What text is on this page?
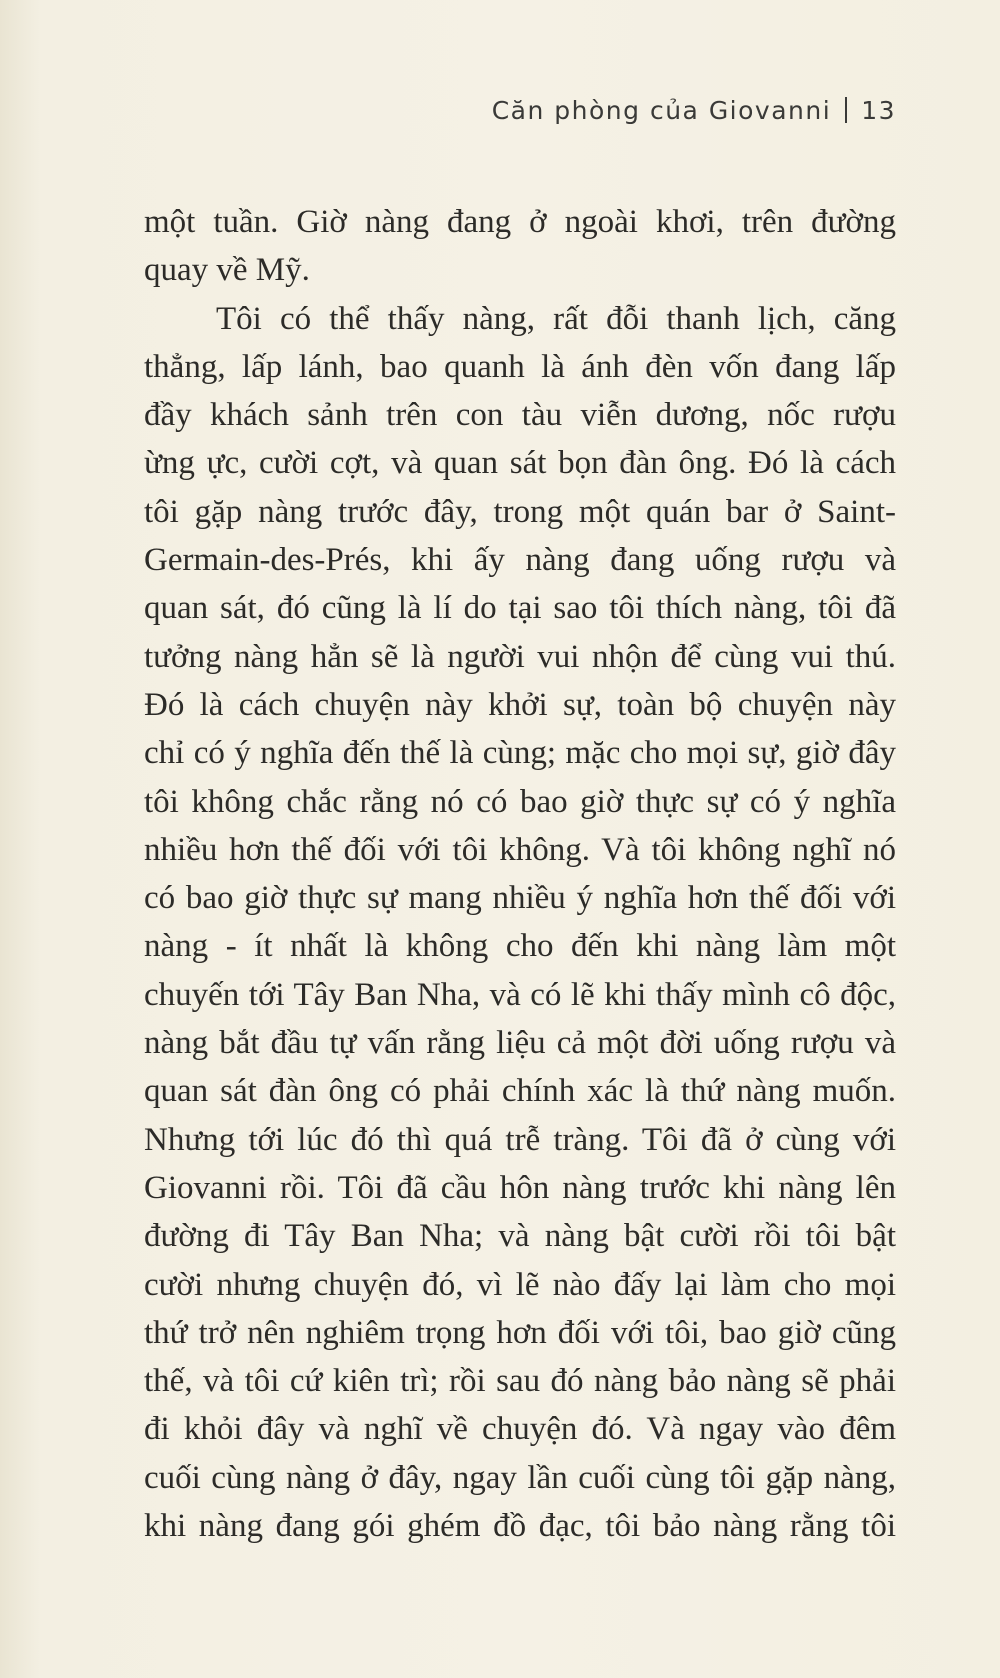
Căn phòng của Giovanni 13
một tuần. Giờ nàng đang ở ngoài khơi, trên đường
quay về Mỹ.
Tôi có thể thấy nàng, rất đỗi thanh lịch, căng
thẳng, lấp lánh, bao quanh là ánh đèn vốn đang lấp
đầy khách sảnh trên con tàu viễn dương, nốc rượu
ừng ực, cười cợt, và quan sát bọn đàn ông. Đó là cách
tôi gặp nàng trước đây, trong một quán bar ở Saint-
Germain-des-Prés, khi ấy nàng đang uống rượu và
quan sát, đó cũng là lí do tại sao tôi thích nàng, tôi đã
tưởng nàng hẳn sẽ là người vui nhộn để cùng vui thú.
Đó là cách chuyện này khởi sự, toàn bộ chuyện này
chỉ có ý nghĩa đến thế là cùng; mặc cho mọi sự, giờ đây
tôi không chắc rằng nó có bao giờ thực sự có ý nghĩa
nhiều hơn thế đối với tôi không. Và tôi không nghĩ nó
có bao giờ thực sự mang nhiều ý nghĩa hơn thế đối với
nàng - ít nhất là không cho đến khi nàng làm một
chuyến tới Tây Ban Nha, và có lẽ khi thấy mình cô độc,
nàng bắt đầu tự vấn rằng liệu cả một đời uống rượu và
quan sát đàn ông có phải chính xác là thứ nàng muốn.
Nhưng tới lúc đó thì quá trễ tràng. Tôi đã ở cùng với
Giovanni rồi. Tôi đã cầu hôn nàng trước khi nàng lên
đường đi Tây Ban Nha; và nàng bật cười rồi tôi bật
cười nhưng chuyện đó, vì lẽ nào đấy lại làm cho mọi
thứ trở nên nghiêm trọng hơn đối với tôi, bao giờ cũng
thế, và tôi cứ kiên trì; rồi sau đó nàng bảo nàng sẽ phải
đi khỏi đây và nghĩ về chuyện đó. Và ngay vào đêm
cuối cùng nàng ở đây, ngay lần cuối cùng tôi gặp nàng,
khi nàng đang gói ghém đồ đạc, tôi bảo nàng rằng tôi
